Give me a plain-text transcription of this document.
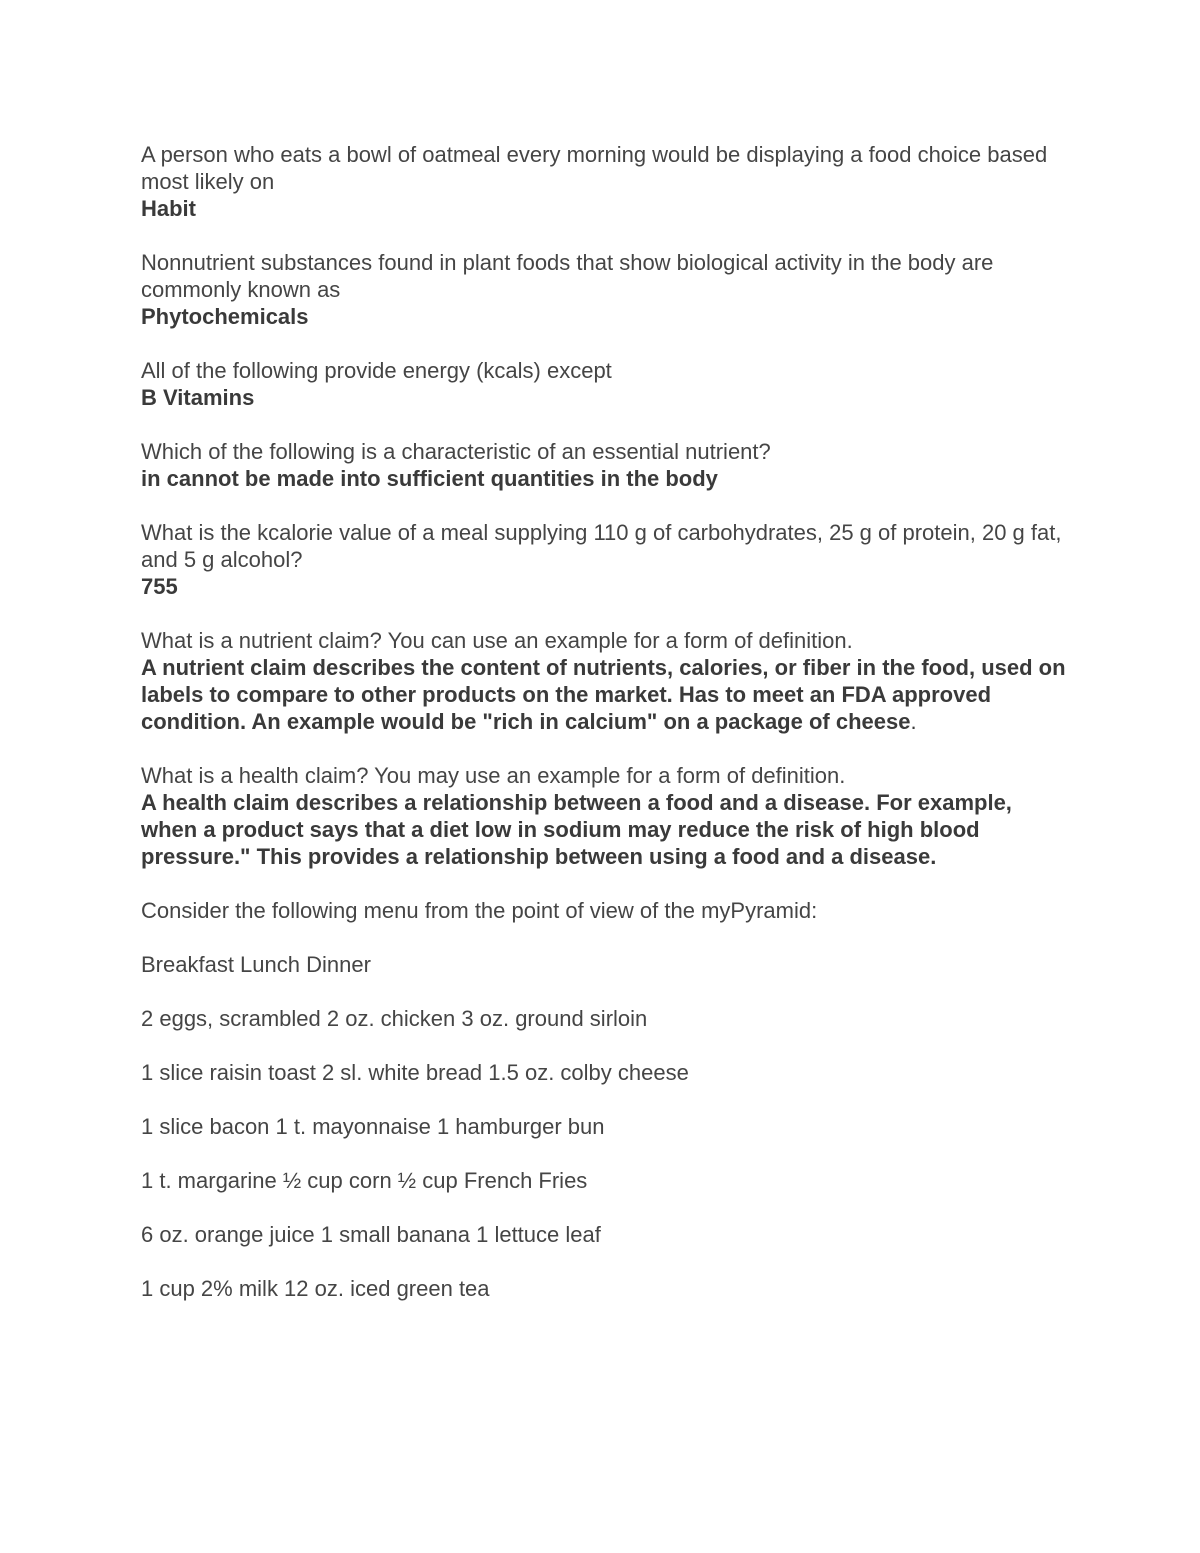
A person who eats a bowl of oatmeal every morning would be displaying a food choice based most likely on

Habit

Nonnutrient substances found in plant foods that show biological activity in the body are commonly known as

Phytochemicals

All of the following provide energy (kcals) except

B Vitamins

Which of the following is a characteristic of an essential nutrient?

in cannot be made into sufficient quantities in the body

What is the kcalorie value of a meal supplying 110 g of carbohydrates, 25 g of protein, 20 g fat, and 5 g alcohol?

755

What is a nutrient claim? You can use an example for a form of definition.

A nutrient claim describes the content of nutrients, calories, or fiber in the food, used on labels to compare to other products on the market. Has to meet an FDA approved condition. An example would be "rich in calcium" on a package of cheese.

What is a health claim? You may use an example for a form of definition.

A health claim describes a relationship between a food and a disease. For example, when a product says that a diet low in sodium may reduce the risk of high blood pressure." This provides a relationship between using a food and a disease.

Consider the following menu from the point of view of the myPyramid:

Breakfast Lunch Dinner

2 eggs, scrambled 2 oz. chicken 3 oz. ground sirloin

1 slice raisin toast 2 sl. white bread 1.5 oz. colby cheese

1 slice bacon 1 t. mayonnaise 1 hamburger bun

1 t. margarine ½ cup corn ½ cup French Fries

6 oz. orange juice 1 small banana 1 lettuce leaf

1 cup 2% milk 12 oz. iced green tea
